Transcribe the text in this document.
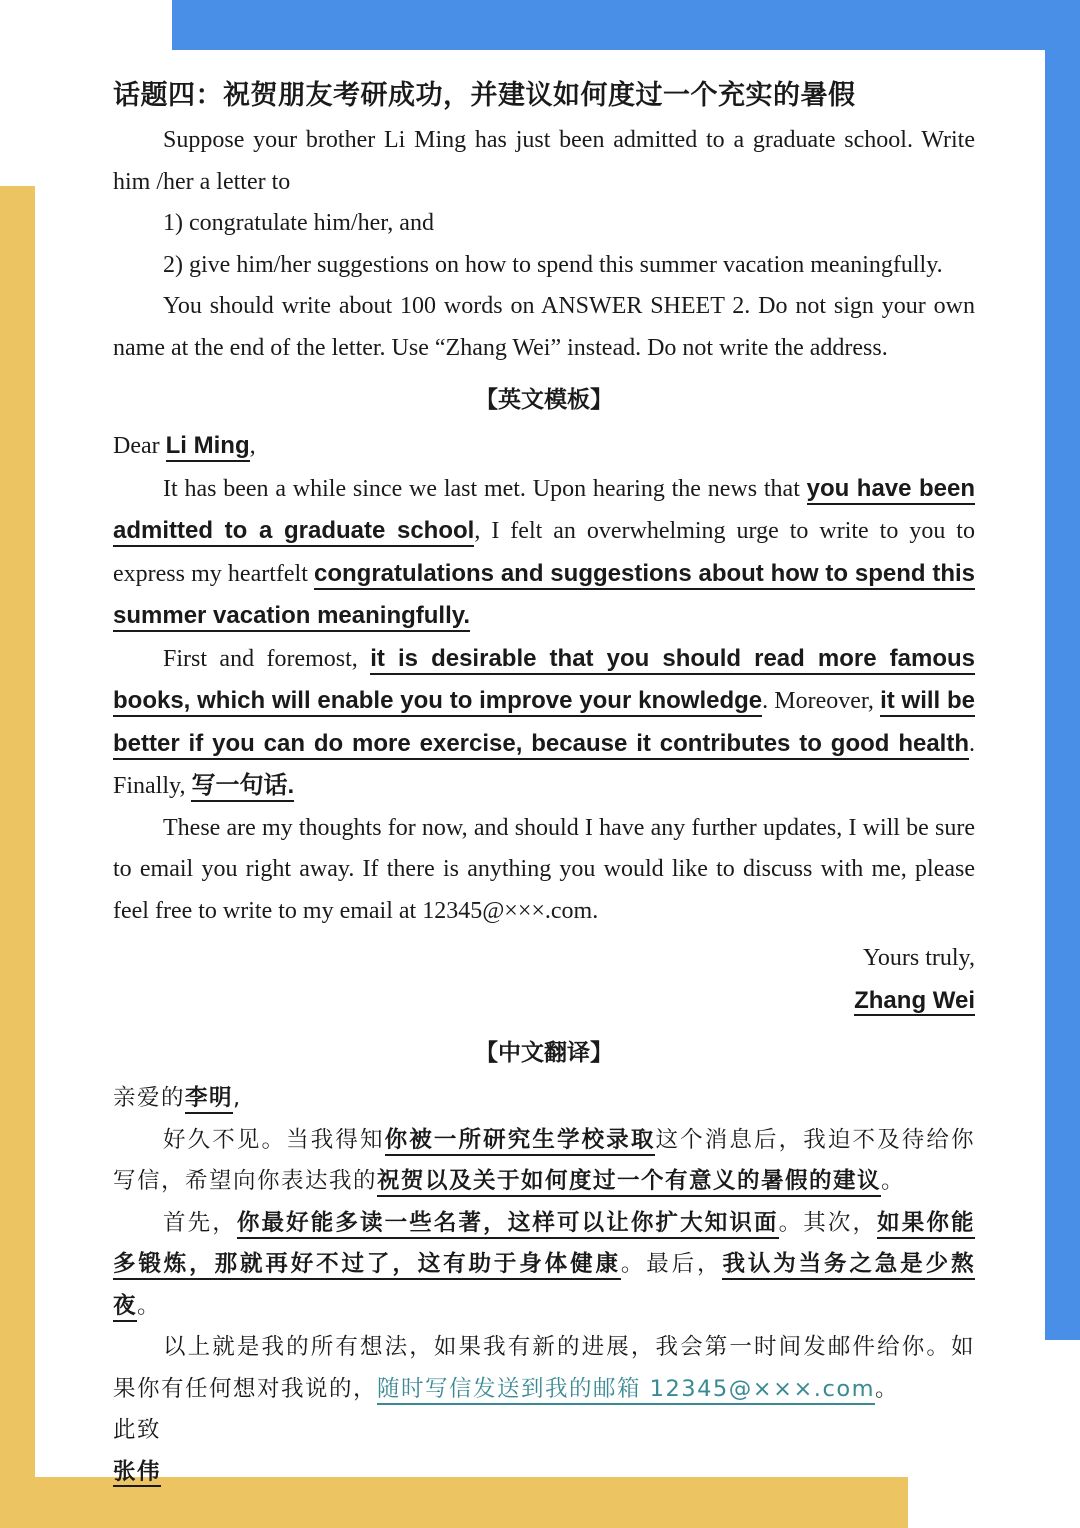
话题四：祝贺朋友考研成功，并建议如何度过一个充实的暑假

Suppose your brother Li Ming has just been admitted to a graduate school. Write him /her a letter to

1) congratulate him/her, and

2) give him/her suggestions on how to spend this summer vacation meaningfully.

You should write about 100 words on ANSWER SHEET 2. Do not sign your own name at the end of the letter. Use “Zhang Wei” instead. Do not write the address.

【英文模板】

Dear Li Ming,

It has been a while since we last met. Upon hearing the news that you have been admitted to a graduate school, I felt an overwhelming urge to write to you to express my heartfelt congratulations and suggestions about how to spend this summer vacation meaningfully.

First and foremost, it is desirable that you should read more famous books, which will enable you to improve your knowledge. Moreover, it will be better if you can do more exercise, because it contributes to good health. Finally, 写一句话.

These are my thoughts for now, and should I have any further updates, I will be sure to email you right away. If there is anything you would like to discuss with me, please feel free to write to my email at 12345@×××.com.

Yours truly,

Zhang Wei

【中文翻译】

亲爱的李明,

好久不见。当我得知你被一所研究生学校录取这个消息后，我迫不及待给你写信，希望向你表达我的祝贺以及关于如何度过一个有意义的暑假的建议。

首先，你最好能多读一些名著，这样可以让你扩大知识面。其次，如果你能多锻炼，那就再好不过了，这有助于身体健康。最后，我认为当务之急是少熬夜。

以上就是我的所有想法，如果我有新的进展，我会第一时间发邮件给你。如果你有任何想对我说的，随时写信发送到我的邮箱 12345@×××.com。

此致

张伟
